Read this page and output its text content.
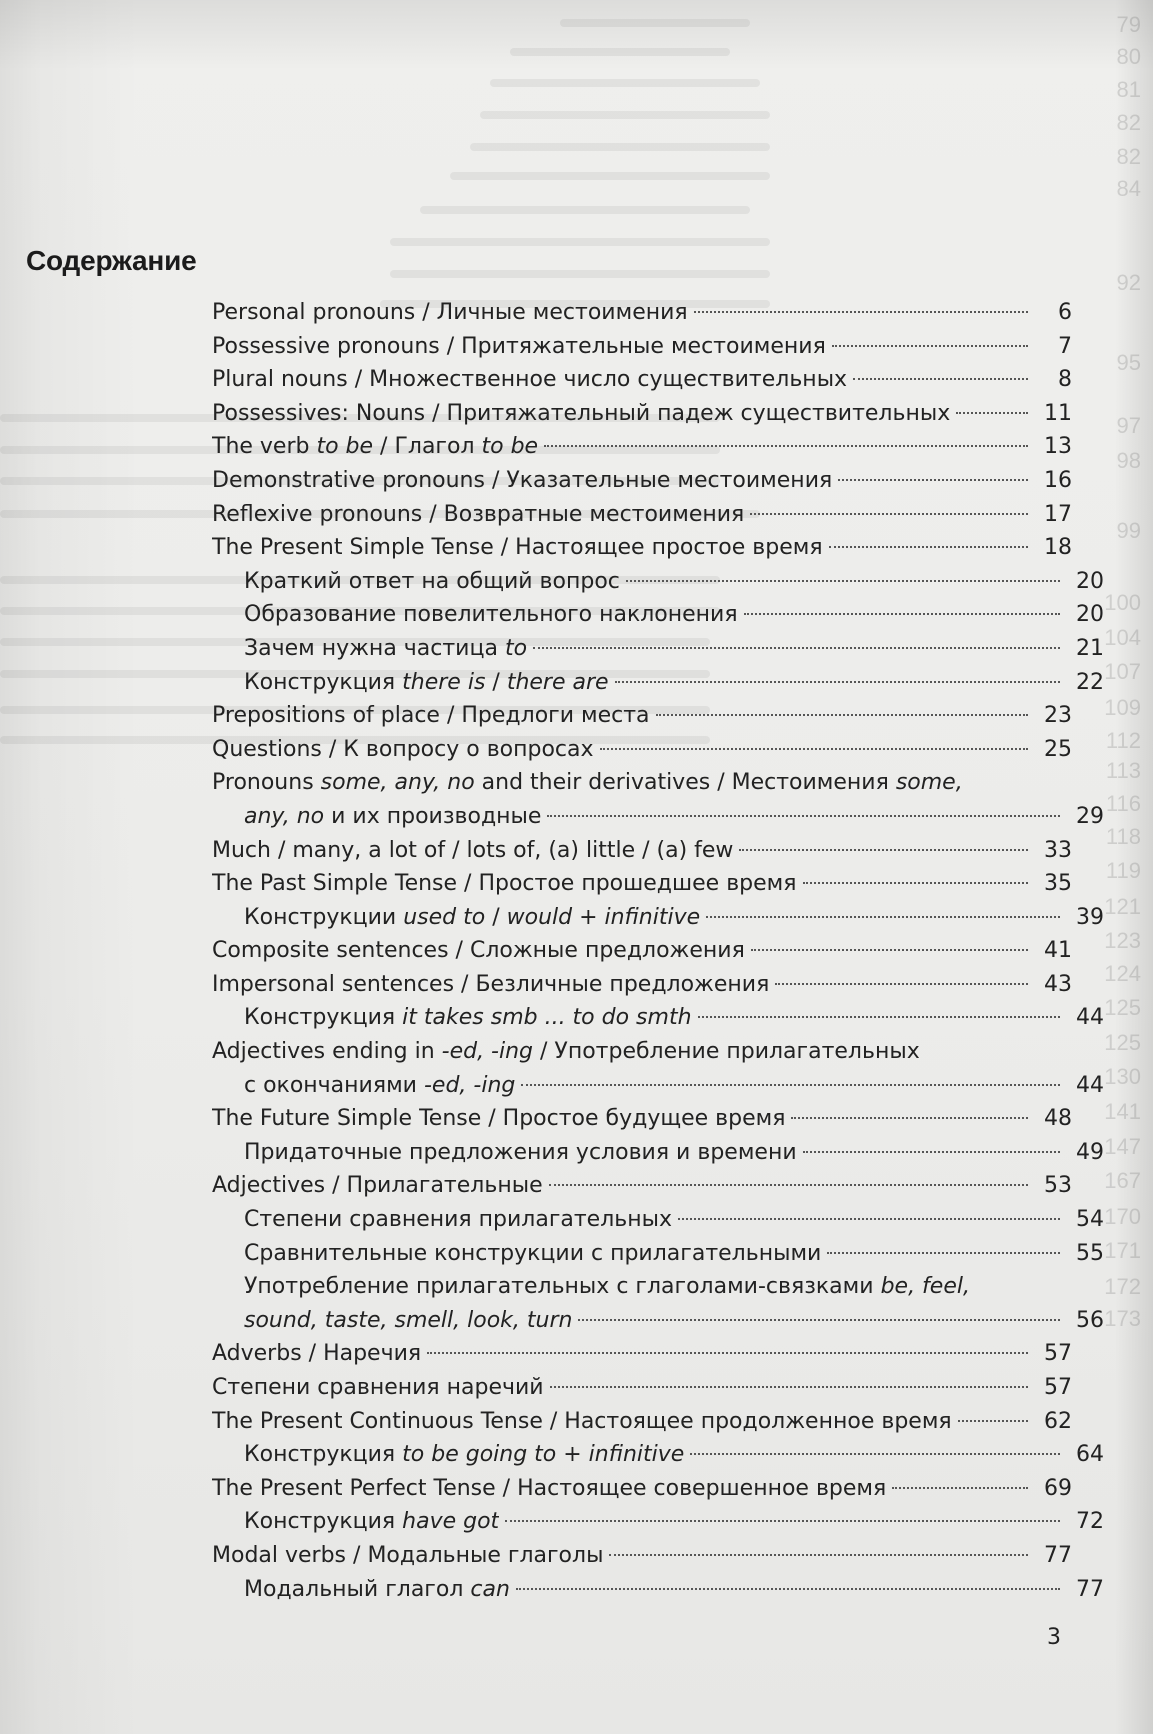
Содержание
Personal pronouns / Личные местоимения	6
Possessive pronouns / Притяжательные местоимения	7
Plural nouns / Множественное число существительных	8
Possessives: Nouns / Притяжательный падеж существительных	11
The verb to be / Глагол to be	13
Demonstrative pronouns / Указательные местоимения	16
Reflexive pronouns / Возвратные местоимения	17
The Present Simple Tense / Настоящее простое время	18
Краткий ответ на общий вопрос	20
Образование повелительного наклонения	20
Зачем нужна частица to	21
Конструкция there is / there are	22
Prepositions of place / Предлоги места	23
Questions / К вопросу о вопросах	25
Pronouns some, any, no and their derivatives / Местоимения some,
any, no и их производные	29
Much / many, a lot of / lots of, (a) little / (a) few	33
The Past Simple Tense / Простое прошедшее время	35
Конструкции used to / would + infinitive	39
Composite sentences / Сложные предложения	41
Impersonal sentences / Безличные предложения	43
Конструкция it takes smb ... to do smth	44
Adjectives ending in -ed, -ing / Употребление прилагательных
с окончаниями -ed, -ing	44
The Future Simple Tense / Простое будущее время	48
Придаточные предложения условия и времени	49
Adjectives / Прилагательные	53
Степени сравнения прилагательных	54
Сравнительные конструкции с прилагательными	55
Употребление прилагательных с глаголами-связками be, feel,
sound, taste, smell, look, turn	56
Adverbs / Наречия	57
Степени сравнения наречий	57
The Present Continuous Tense / Настоящее продолженное время	62
Конструкция to be going to + infinitive	64
The Present Perfect Tense / Настоящее совершенное время	69
Конструкция have got	72
Modal verbs / Модальные глаголы	77
Модальный глагол can	77
3
